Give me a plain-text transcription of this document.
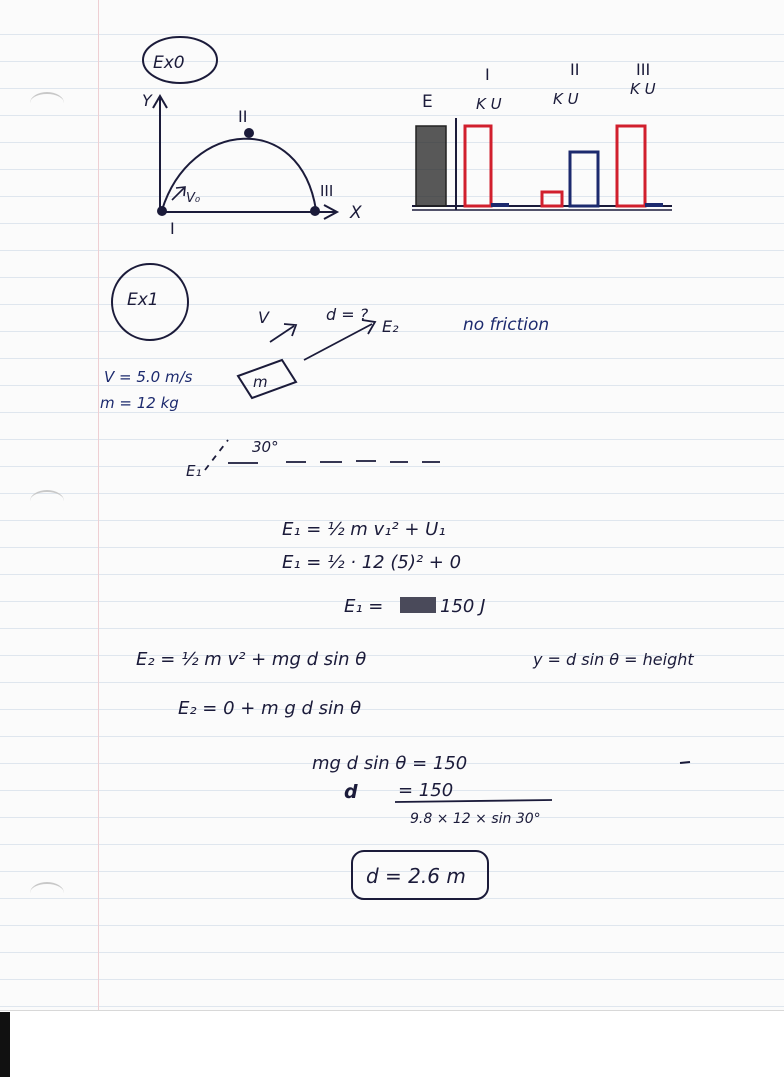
Ex0
Y
X
I
II
III
V₀
E
I	II	III
K U	K U
K U
Ex1
d = ?
V	E₂	no friction
V = 5.0 m/s
m = 12 kg
m
30°
E₁
E₁ = ½ m v₁² + U₁
E₁ = ½ · 12 (5)² + 0
E₁ =	150 J
E₂ = ½ m v² + mg d sin θ	y = d sin θ = height
E₂ = 0 + m g d sin θ
mg d sin θ = 150
d = 150
9.8 × 12 × sin 30°
d = 2.6 m
